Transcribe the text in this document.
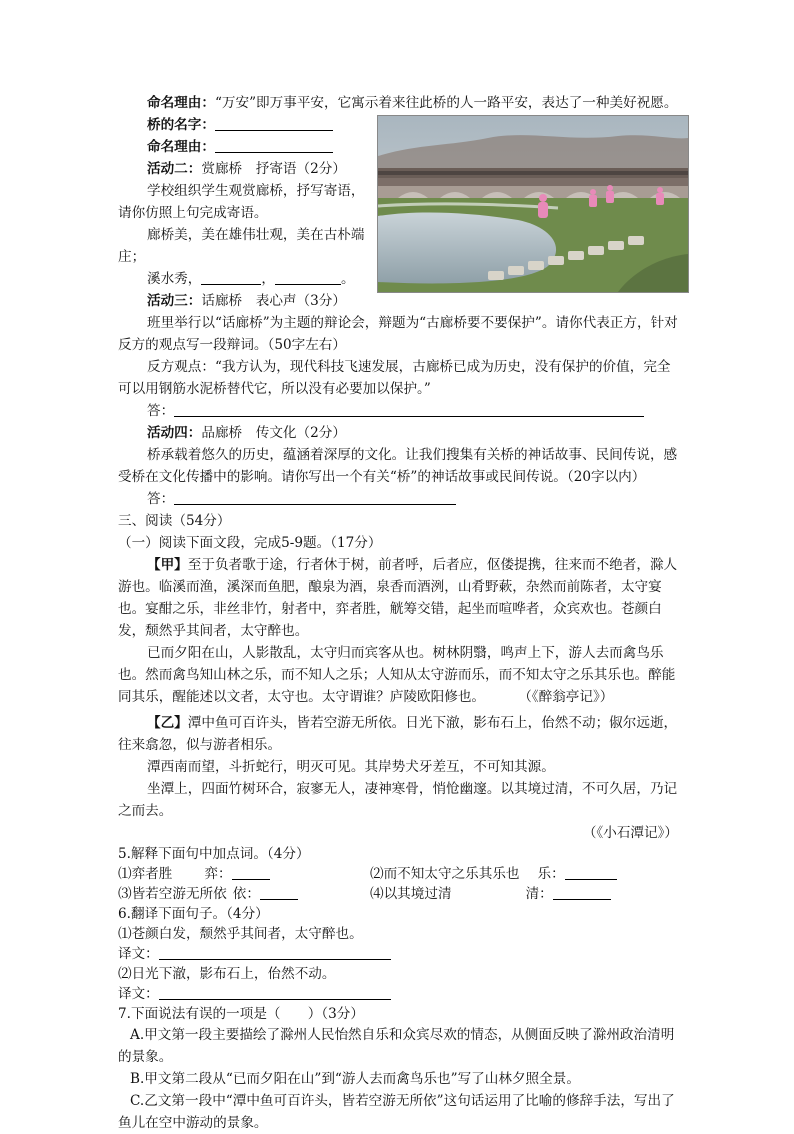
命名理由：“万安”即万事平安，它寓示着来往此桥的人一路平安，表达了一种美好祝愿。

桥的名字：

命名理由：

活动二：赏廊桥　抒寄语（2分）

学校组织学生观赏廊桥，抒写寄语，请你仿照上句完成寄语。

廊桥美，美在雄伟壮观，美在古朴端庄；

溪水秀，	，	。

活动三：话廊桥　表心声（3分）

班里举行以“话廊桥”为主题的辩论会，辩题为“古廊桥要不要保护”。请你代表正方，针对反方的观点写一段辩词。（50字左右）

反方观点：“我方认为，现代科技飞速发展，古廊桥已成为历史，没有保护的价值，完全可以用钢筋水泥桥替代它，所以没有必要加以保护。”

答：

活动四：品廊桥　传文化（2分）

桥承载着悠久的历史，蕴涵着深厚的文化。让我们搜集有关桥的神话故事、民间传说，感受桥在文化传播中的影响。请你写出一个有关“桥”的神话故事或民间传说。（20字以内）

答：

三、阅读（54分）

（一）阅读下面文段，完成5-9题。（17分）

【甲】至于负者歌于途，行者休于树，前者呼，后者应，伛偻提携，往来而不绝者，滁人游也。临溪而渔，溪深而鱼肥，酿泉为酒，泉香而酒洌，山肴野蔌，杂然而前陈者，太守宴也。宴酣之乐，非丝非竹，射者中，弈者胜，觥筹交错，起坐而喧哗者，众宾欢也。苍颜白发，颓然乎其间者，太守醉也。

已而夕阳在山，人影散乱，太守归而宾客从也。树林阴翳，鸣声上下，游人去而禽鸟乐也。然而禽鸟知山林之乐，而不知人之乐；人知从太守游而乐，而不知太守之乐其乐也。醉能同其乐，醒能述以文者，太守也。太守谓谁？庐陵欧阳修也。	（《醉翁亭记》）

【乙】潭中鱼可百许头，皆若空游无所依。日光下澈，影布石上，佁然不动；俶尔远逝，往来翕忽，似与游者相乐。

潭西南而望，斗折蛇行，明灭可见。其岸势犬牙差互，不可知其源。

坐潭上，四面竹树环合，寂寥无人，凄神寒骨，悄怆幽邃。以其境过清，不可久居，乃记之而去。

（《小石潭记》）

5.解释下面句中加点词。（4分）

⑴弈者胜 弈：	⑵而不知太守之乐其乐也 乐：
⑶皆若空游无所依 依：	⑷以其境过清	清：

6.翻译下面句子。（4分）

⑴苍颜白发，颓然乎其间者，太守醉也。

译文：

⑵日光下澈，影布石上，佁然不动。

译文：

7.下面说法有误的一项是（　　）（3分）

A.甲文第一段主要描绘了滁州人民怡然自乐和众宾尽欢的情态，从侧面反映了滁州政治清明的景象。

B.甲文第二段从“已而夕阳在山”到“游人去而禽鸟乐也”写了山林夕照全景。

C.乙文第一段中“潭中鱼可百许头，皆若空游无所依”这句话运用了比喻的修辞手法，写出了鱼儿在空中游动的景象。
